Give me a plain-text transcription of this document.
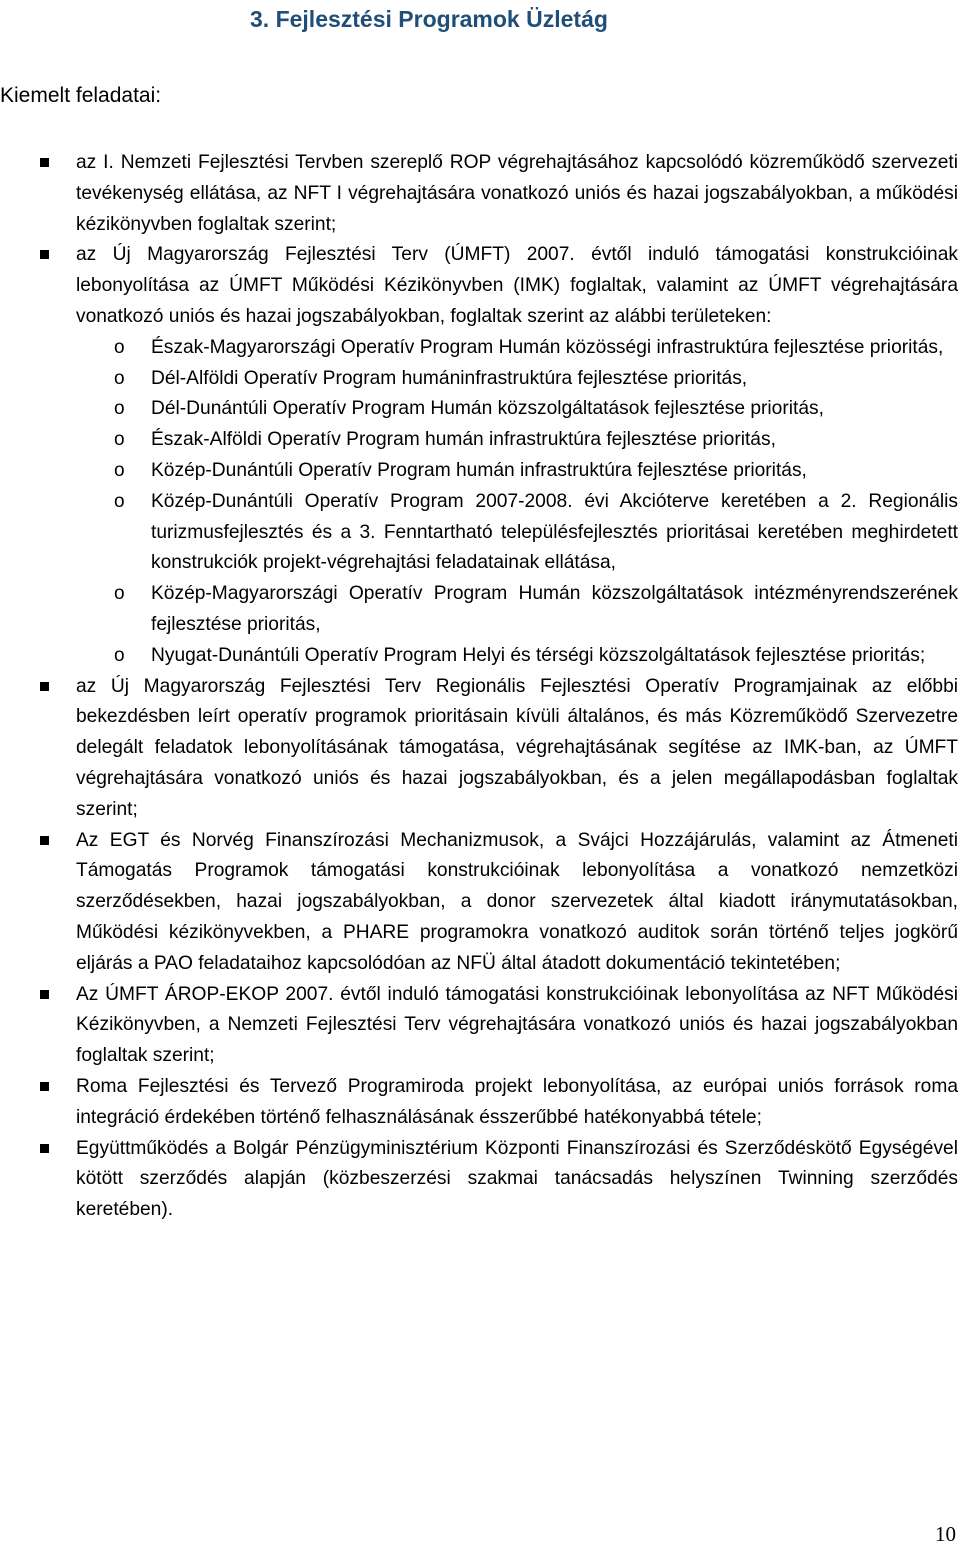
3. Fejlesztési Programok Üzletág
Kiemelt feladatai:
az I. Nemzeti Fejlesztési Tervben szereplő ROP végrehajtásához kapcsolódó közreműködő szervezeti tevékenység ellátása, az NFT I végrehajtására vonatkozó uniós és hazai jogszabályokban, a működési kézikönyvben foglaltak szerint;
az Új Magyarország Fejlesztési Terv (ÚMFT) 2007. évtől induló támogatási konstrukcióinak lebonyolítása az ÚMFT Működési Kézikönyvben (IMK) foglaltak, valamint az ÚMFT végrehajtására vonatkozó uniós és hazai jogszabályokban, foglaltak szerint az alábbi területeken:
o Észak-Magyarországi Operatív Program Humán közösségi infrastruktúra fejlesztése prioritás,
o Dél-Alföldi Operatív Program humáninfrastruktúra fejlesztése prioritás,
o Dél-Dunántúli Operatív Program Humán közszolgáltatások fejlesztése prioritás,
o Észak-Alföldi Operatív Program humán infrastruktúra fejlesztése prioritás,
o Közép-Dunántúli Operatív Program humán infrastruktúra fejlesztése prioritás,
o Közép-Dunántúli Operatív Program 2007-2008. évi Akcióterve keretében a 2. Regionális turizmusfejlesztés és a 3. Fenntartható településfejlesztés prioritásai keretében meghirdetett konstrukciók projekt-végrehajtási feladatainak ellátása,
o Közép-Magyarországi Operatív Program Humán közszolgáltatások intézményrendszerének fejlesztése prioritás,
o Nyugat-Dunántúli Operatív Program Helyi és térségi közszolgáltatások fejlesztése prioritás;
az Új Magyarország Fejlesztési Terv Regionális Fejlesztési Operatív Programjainak az előbbi bekezdésben leírt operatív programok prioritásain kívüli általános, és más Közreműködő Szervezetre delegált feladatok lebonyolításának támogatása, végrehajtásának segítése az IMK-ban, az ÚMFT végrehajtására vonatkozó uniós és hazai jogszabályokban, és a jelen megállapodásban foglaltak szerint;
Az EGT és Norvég Finanszírozási Mechanizmusok, a Svájci Hozzájárulás, valamint az Átmeneti Támogatás Programok támogatási konstrukcióinak lebonyolítása a vonatkozó nemzetközi szerződésekben, hazai jogszabályokban, a donor szervezetek által kiadott iránymutatásokban, Működési kézikönyvekben, a PHARE programokra vonatkozó auditok során történő teljes jogkörű eljárás a PAO feladataihoz kapcsolódóan az NFÜ által átadott dokumentáció tekintetében;
Az ÚMFT ÁROP-EKOP 2007. évtől induló támogatási konstrukcióinak lebonyolítása az NFT Működési Kézikönyvben, a Nemzeti Fejlesztési Terv végrehajtására vonatkozó uniós és hazai jogszabályokban foglaltak szerint;
Roma Fejlesztési és Tervező Programiroda projekt lebonyolítása, az európai uniós források roma integráció érdekében történő felhasználásának ésszerűbbé hatékonyabbá tétele;
Együttműködés a Bolgár Pénzügyminisztérium Központi Finanszírozási és Szerződéskötő Egységével kötött szerződés alapján (közbeszerzési szakmai tanácsadás helyszínen Twinning szerződés keretében).
10
